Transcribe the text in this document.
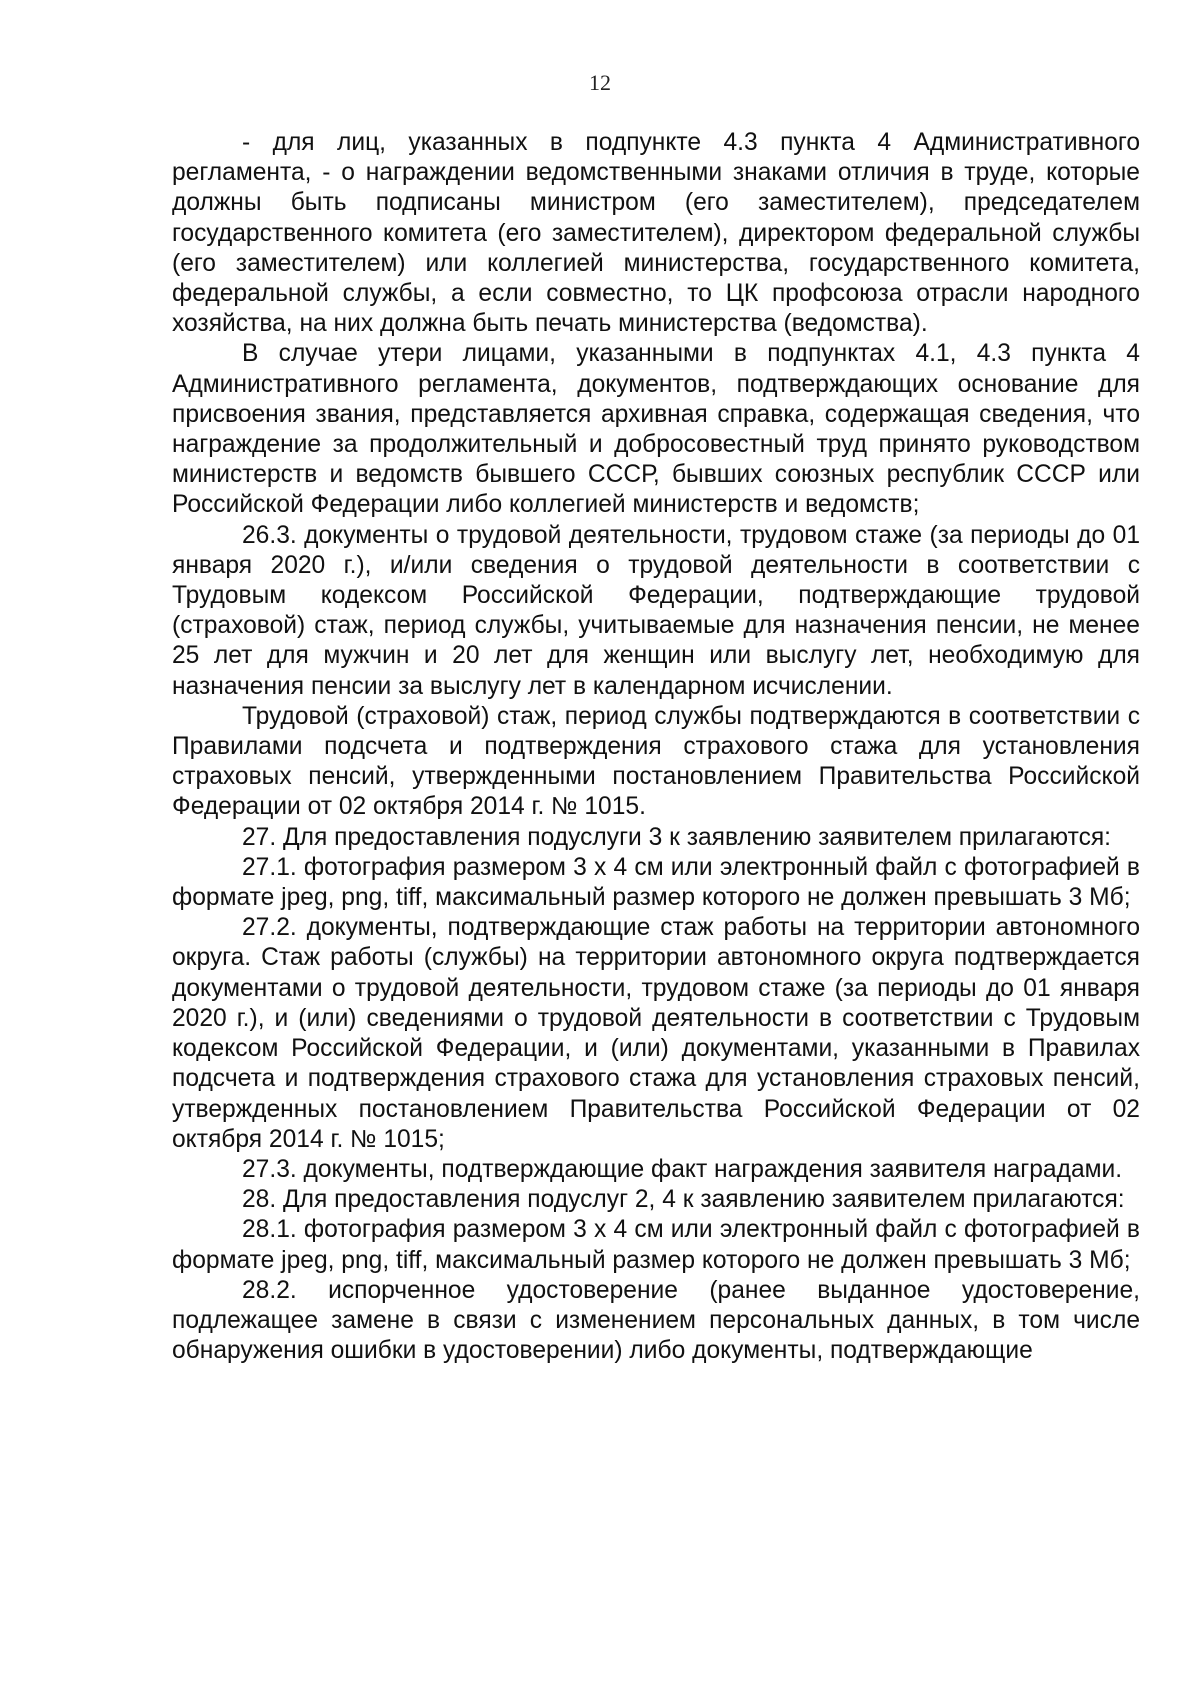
12

- для лиц, указанных в подпункте 4.3 пункта 4 Административного регламента, - о награждении ведомственными знаками отличия в труде, которые должны быть подписаны министром (его заместителем), председателем государственного комитета (его заместителем), директором федеральной службы (его заместителем) или коллегией министерства, государственного комитета, федеральной службы, а если совместно, то ЦК профсоюза отрасли народного хозяйства, на них должна быть печать министерства (ведомства).

В случае утери лицами, указанными в подпунктах 4.1, 4.3 пункта 4 Административного регламента, документов, подтверждающих основание для присвоения звания, представляется архивная справка, содержащая сведения, что награждение за продолжительный и добросовестный труд принято руководством министерств и ведомств бывшего СССР, бывших союзных республик СССР или Российской Федерации либо коллегией министерств и ведомств;

26.3. документы о трудовой деятельности, трудовом стаже (за периоды до 01 января 2020 г.), и/или сведения о трудовой деятельности в соответствии с Трудовым кодексом Российской Федерации, подтверждающие трудовой (страховой) стаж, период службы, учитываемые для назначения пенсии, не менее 25 лет для мужчин и 20 лет для женщин или выслугу лет, необходимую для назначения пенсии за выслугу лет в календарном исчислении.

Трудовой (страховой) стаж, период службы подтверждаются в соответствии с Правилами подсчета и подтверждения страхового стажа для установления страховых пенсий, утвержденными постановлением Правительства Российской Федерации от 02 октября 2014 г. № 1015.

27. Для предоставления подуслуги 3 к заявлению заявителем прилагаются:

27.1. фотография размером 3 x 4 см или электронный файл с фотографией в формате jpeg, png, tiff, максимальный размер которого не должен превышать 3 Мб;

27.2. документы, подтверждающие стаж работы на территории автономного округа. Стаж работы (службы) на территории автономного округа подтверждается документами о трудовой деятельности, трудовом стаже (за периоды до 01 января 2020 г.), и (или) сведениями о трудовой деятельности в соответствии с Трудовым кодексом Российской Федерации, и (или) документами, указанными в Правилах подсчета и подтверждения страхового стажа для установления страховых пенсий, утвержденных постановлением Правительства Российской Федерации от 02 октября 2014 г. № 1015;

27.3. документы, подтверждающие факт награждения заявителя наградами.

28. Для предоставления подуслуг 2, 4 к заявлению заявителем прилагаются:

28.1. фотография размером 3 x 4 см или электронный файл с фотографией в формате jpeg, png, tiff, максимальный размер которого не должен превышать 3 Мб;

28.2. испорченное удостоверение (ранее выданное удостоверение, подлежащее замене в связи с изменением персональных данных, в том числе обнаружения ошибки в удостоверении) либо документы, подтверждающие
